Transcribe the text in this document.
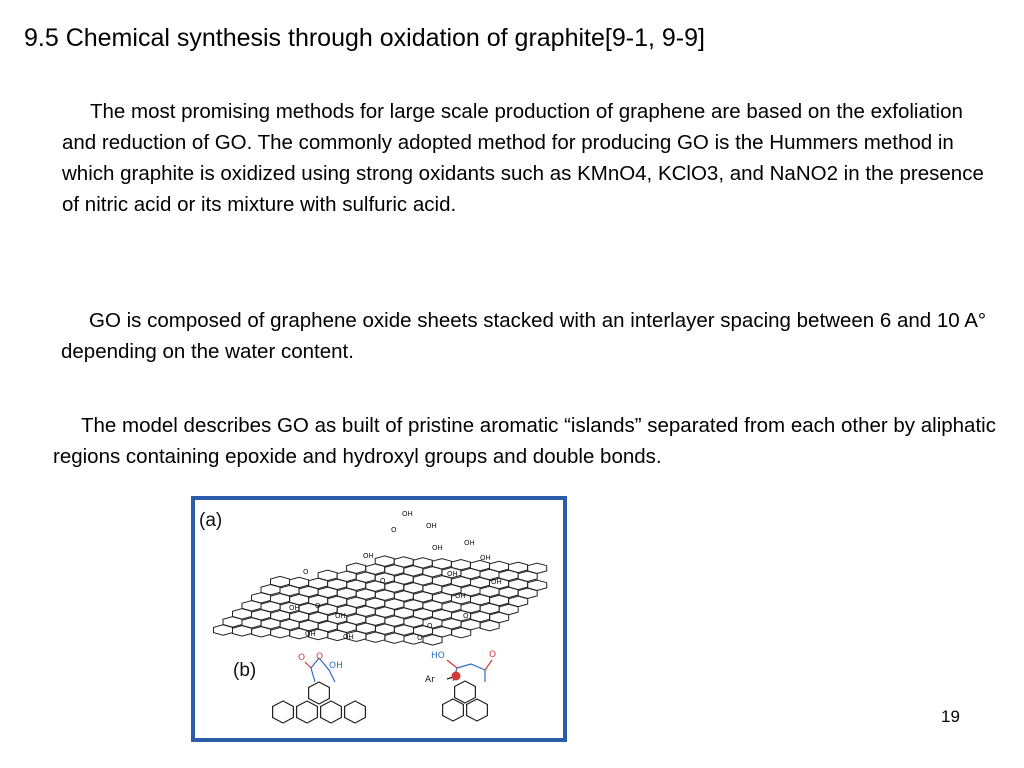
9.5 Chemical synthesis through oxidation of graphite[9-1, 9-9]

The most promising methods for large scale production of graphene are based on the exfoliation and reduction of GO. The commonly adopted method for producing GO is the Hummers method in which graphite is oxidized using strong oxidants such as KMnO4, KClO3, and NaNO2 in the presence of nitric acid or its mixture with sulfuric acid.

GO is composed of graphene oxide sheets stacked with an interlayer spacing between 6 and 10 A° depending on the water content.

The model describes GO as built of pristine aromatic “islands” separated from each other by aliphatic regions containing epoxide and hydroxyl groups and double bonds.

OH
O	OH
O
OH
OH
OH
OH
OH
O
OH
OH
OH O
OH
OH	OH
O
O
O
(a)
(b)
O O
OH
HO
Ar
O
19
